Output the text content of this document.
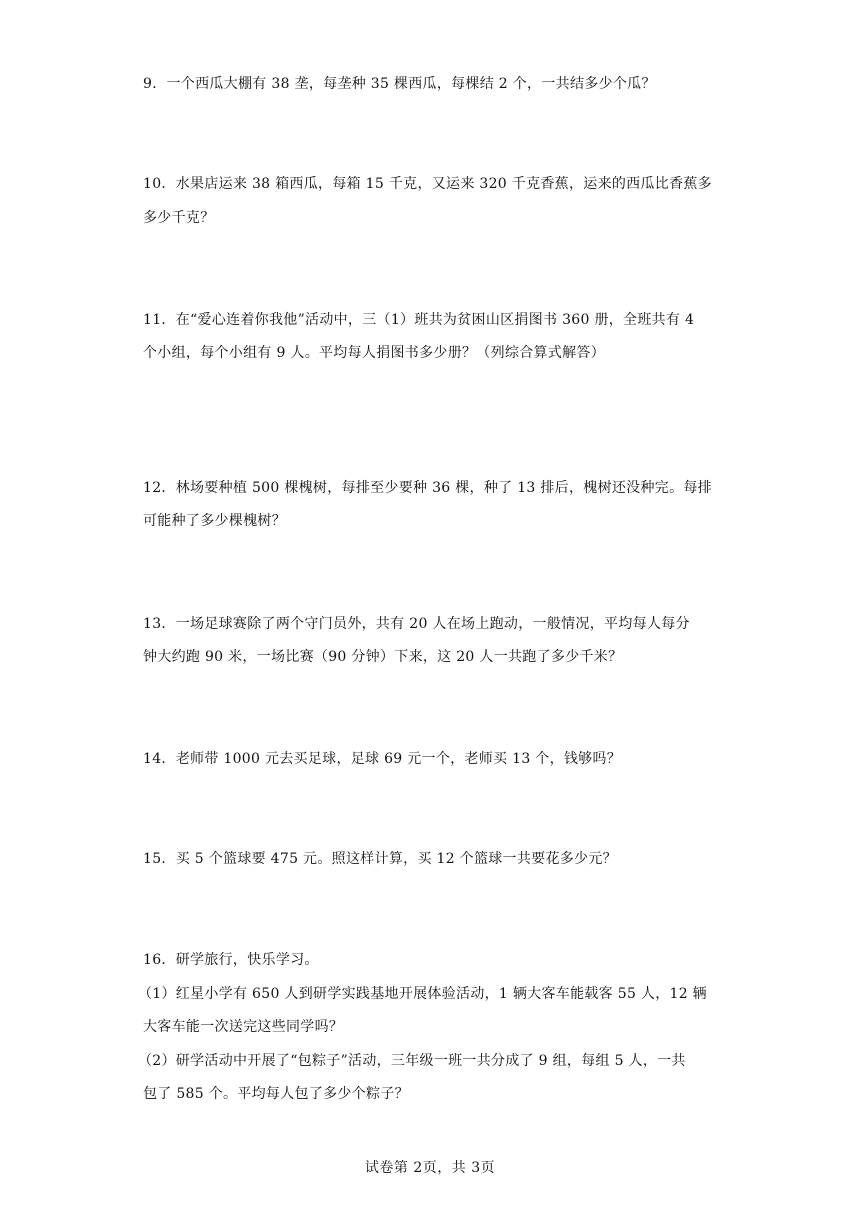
9．一个西瓜大棚有 38 垄，每垄种 35 棵西瓜，每棵结 2 个，一共结多少个瓜？
10．水果店运来 38 箱西瓜，每箱 15 千克，又运来 320 千克香蕉，运来的西瓜比香蕉多
多少千克？
11．在“爱心连着你我他”活动中，三（1）班共为贫困山区捐图书 360 册，全班共有 4
个小组，每个小组有 9 人。平均每人捐图书多少册？（列综合算式解答）
12．林场要种植 500 棵槐树，每排至少要种 36 棵，种了 13 排后，槐树还没种完。每排
可能种了多少棵槐树？
13．一场足球赛除了两个守门员外，共有 20 人在场上跑动，一般情况，平均每人每分
钟大约跑 90 米，一场比赛（90 分钟）下来，这 20 人一共跑了多少千米？
14．老师带 1000 元去买足球，足球 69 元一个，老师买 13 个，钱够吗？
15．买 5 个篮球要 475 元。照这样计算，买 12 个篮球一共要花多少元？
16．研学旅行，快乐学习。
（1）红星小学有 650 人到研学实践基地开展体验活动，1 辆大客车能载客 55 人，12 辆
大客车能一次送完这些同学吗？
（2）研学活动中开展了“包粽子”活动，三年级一班一共分成了 9 组，每组 5 人，一共
包了 585 个。平均每人包了多少个粽子？
试卷第 2页，共 3页
